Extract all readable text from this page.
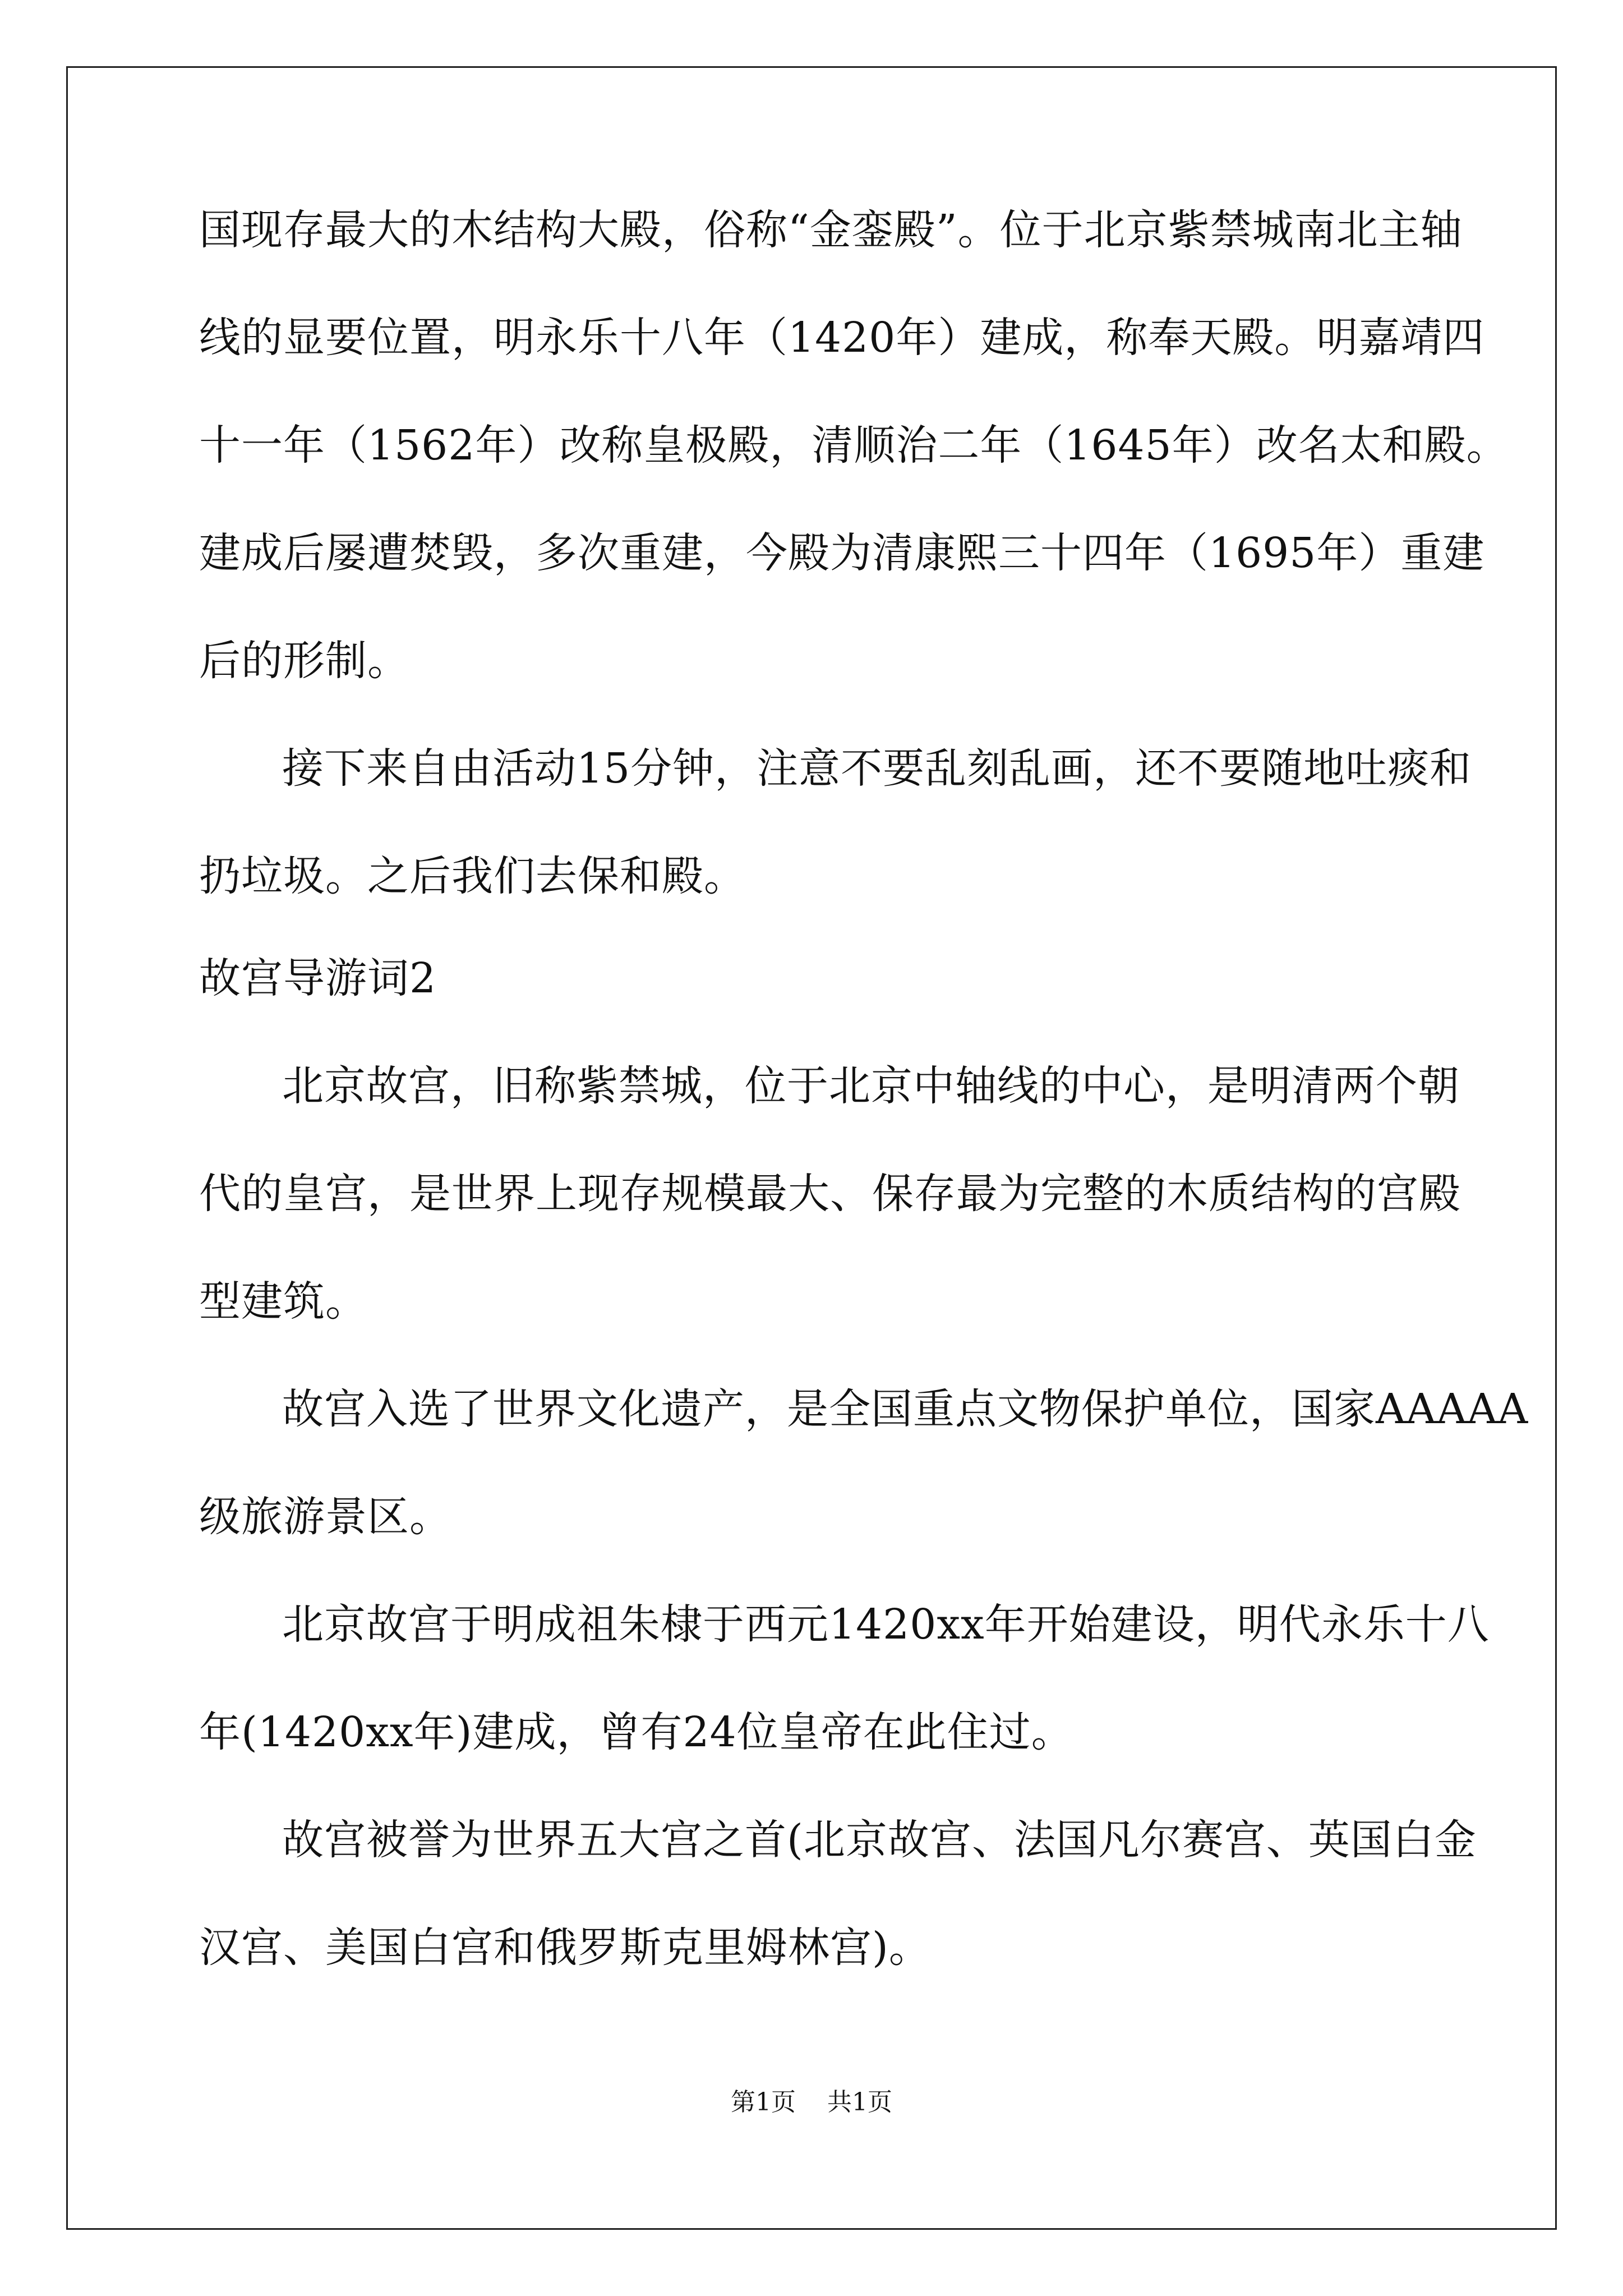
国现存最大的木结构大殿，俗称“金銮殿”。位于北京紫禁城南北主轴
线的显要位置，明永乐十八年（1420年）建成，称奉天殿。明嘉靖四
十一年（1562年）改称皇极殿，清顺治二年（1645年）改名太和殿。
建成后屡遭焚毁，多次重建，今殿为清康熙三十四年（1695年）重建
后的形制。
接下来自由活动15分钟，注意不要乱刻乱画，还不要随地吐痰和
扔垃圾。之后我们去保和殿。
故宫导游词2
北京故宫，旧称紫禁城，位于北京中轴线的中心，是明清两个朝
代的皇宫，是世界上现存规模最大、保存最为完整的木质结构的宫殿
型建筑。
故宫入选了世界文化遗产，是全国重点文物保护单位，国家AAAAA
级旅游景区。
北京故宫于明成祖朱棣于西元1420xx年开始建设，明代永乐十八
年(1420xx年)建成，曾有24位皇帝在此住过。
故宫被誉为世界五大宫之首(北京故宫、法国凡尔赛宫、英国白金
汉宫、美国白宫和俄罗斯克里姆林宫)。
第1页 共1页
